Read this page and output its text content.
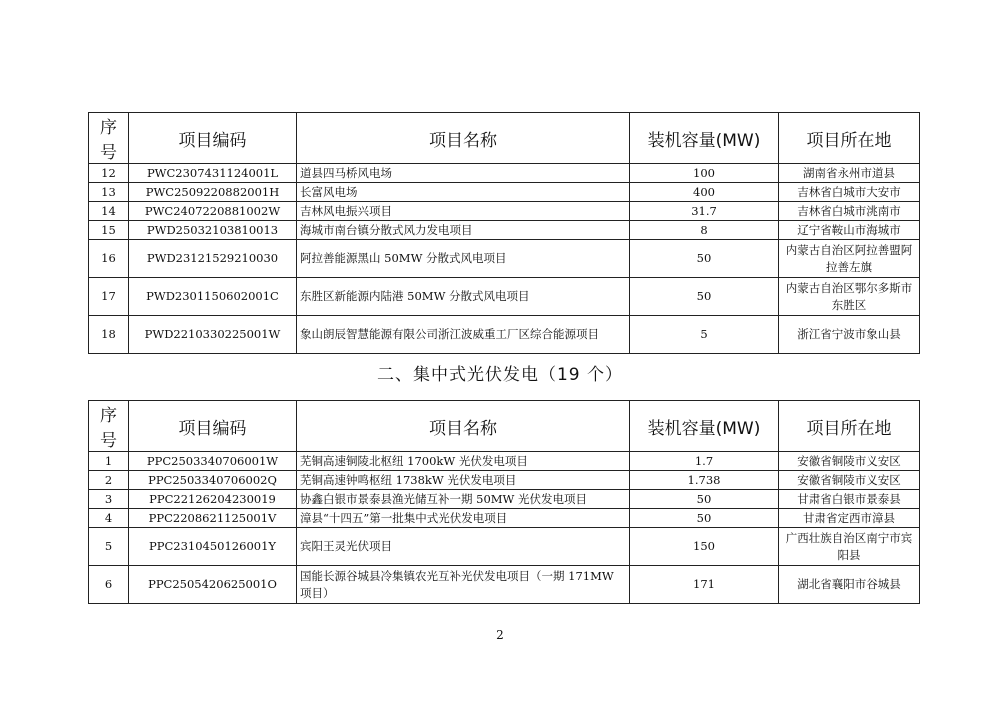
序号	项目编码	项目名称	装机容量(MW)	项目所在地
12	PWC2307431124001L	道县四马桥风电场	100	湖南省永州市道县
13	PWC2509220882001H	长富风电场	400	吉林省白城市大安市
14	PWC2407220881002W	吉林风电振兴项目	31.7	吉林省白城市洮南市
15	PWD25032103810013	海城市南台镇分散式风力发电项目	8	辽宁省鞍山市海城市
16	PWD23121529210030	阿拉善能源黑山 50MW 分散式风电项目	50	内蒙古自治区阿拉善盟阿拉善左旗
17	PWD2301150602001C	东胜区新能源内陆港 50MW 分散式风电项目	50	内蒙古自治区鄂尔多斯市东胜区
18	PWD2210330225001W	象山朗辰智慧能源有限公司浙江波威重工厂区综合能源项目	5	浙江省宁波市象山县
二、集中式光伏发电（19 个）
序号	项目编码	项目名称	装机容量(MW)	项目所在地
1	PPC2503340706001W	芜铜高速铜陵北枢纽 1700kW 光伏发电项目	1.7	安徽省铜陵市义安区
2	PPC2503340706002Q	芜铜高速钟鸣枢纽 1738kW 光伏发电项目	1.738	安徽省铜陵市义安区
3	PPC22126204230019	协鑫白银市景泰县渔光储互补一期 50MW 光伏发电项目	50	甘肃省白银市景泰县
4	PPC2208621125001V	漳县“十四五”第一批集中式光伏发电项目	50	甘肃省定西市漳县
5	PPC2310450126001Y	宾阳王灵光伏项目	150	广西壮族自治区南宁市宾阳县
6	PPC2505420625001O	国能长源谷城县冷集镇农光互补光伏发电项目（一期 171MW 项目）	171	湖北省襄阳市谷城县
2
